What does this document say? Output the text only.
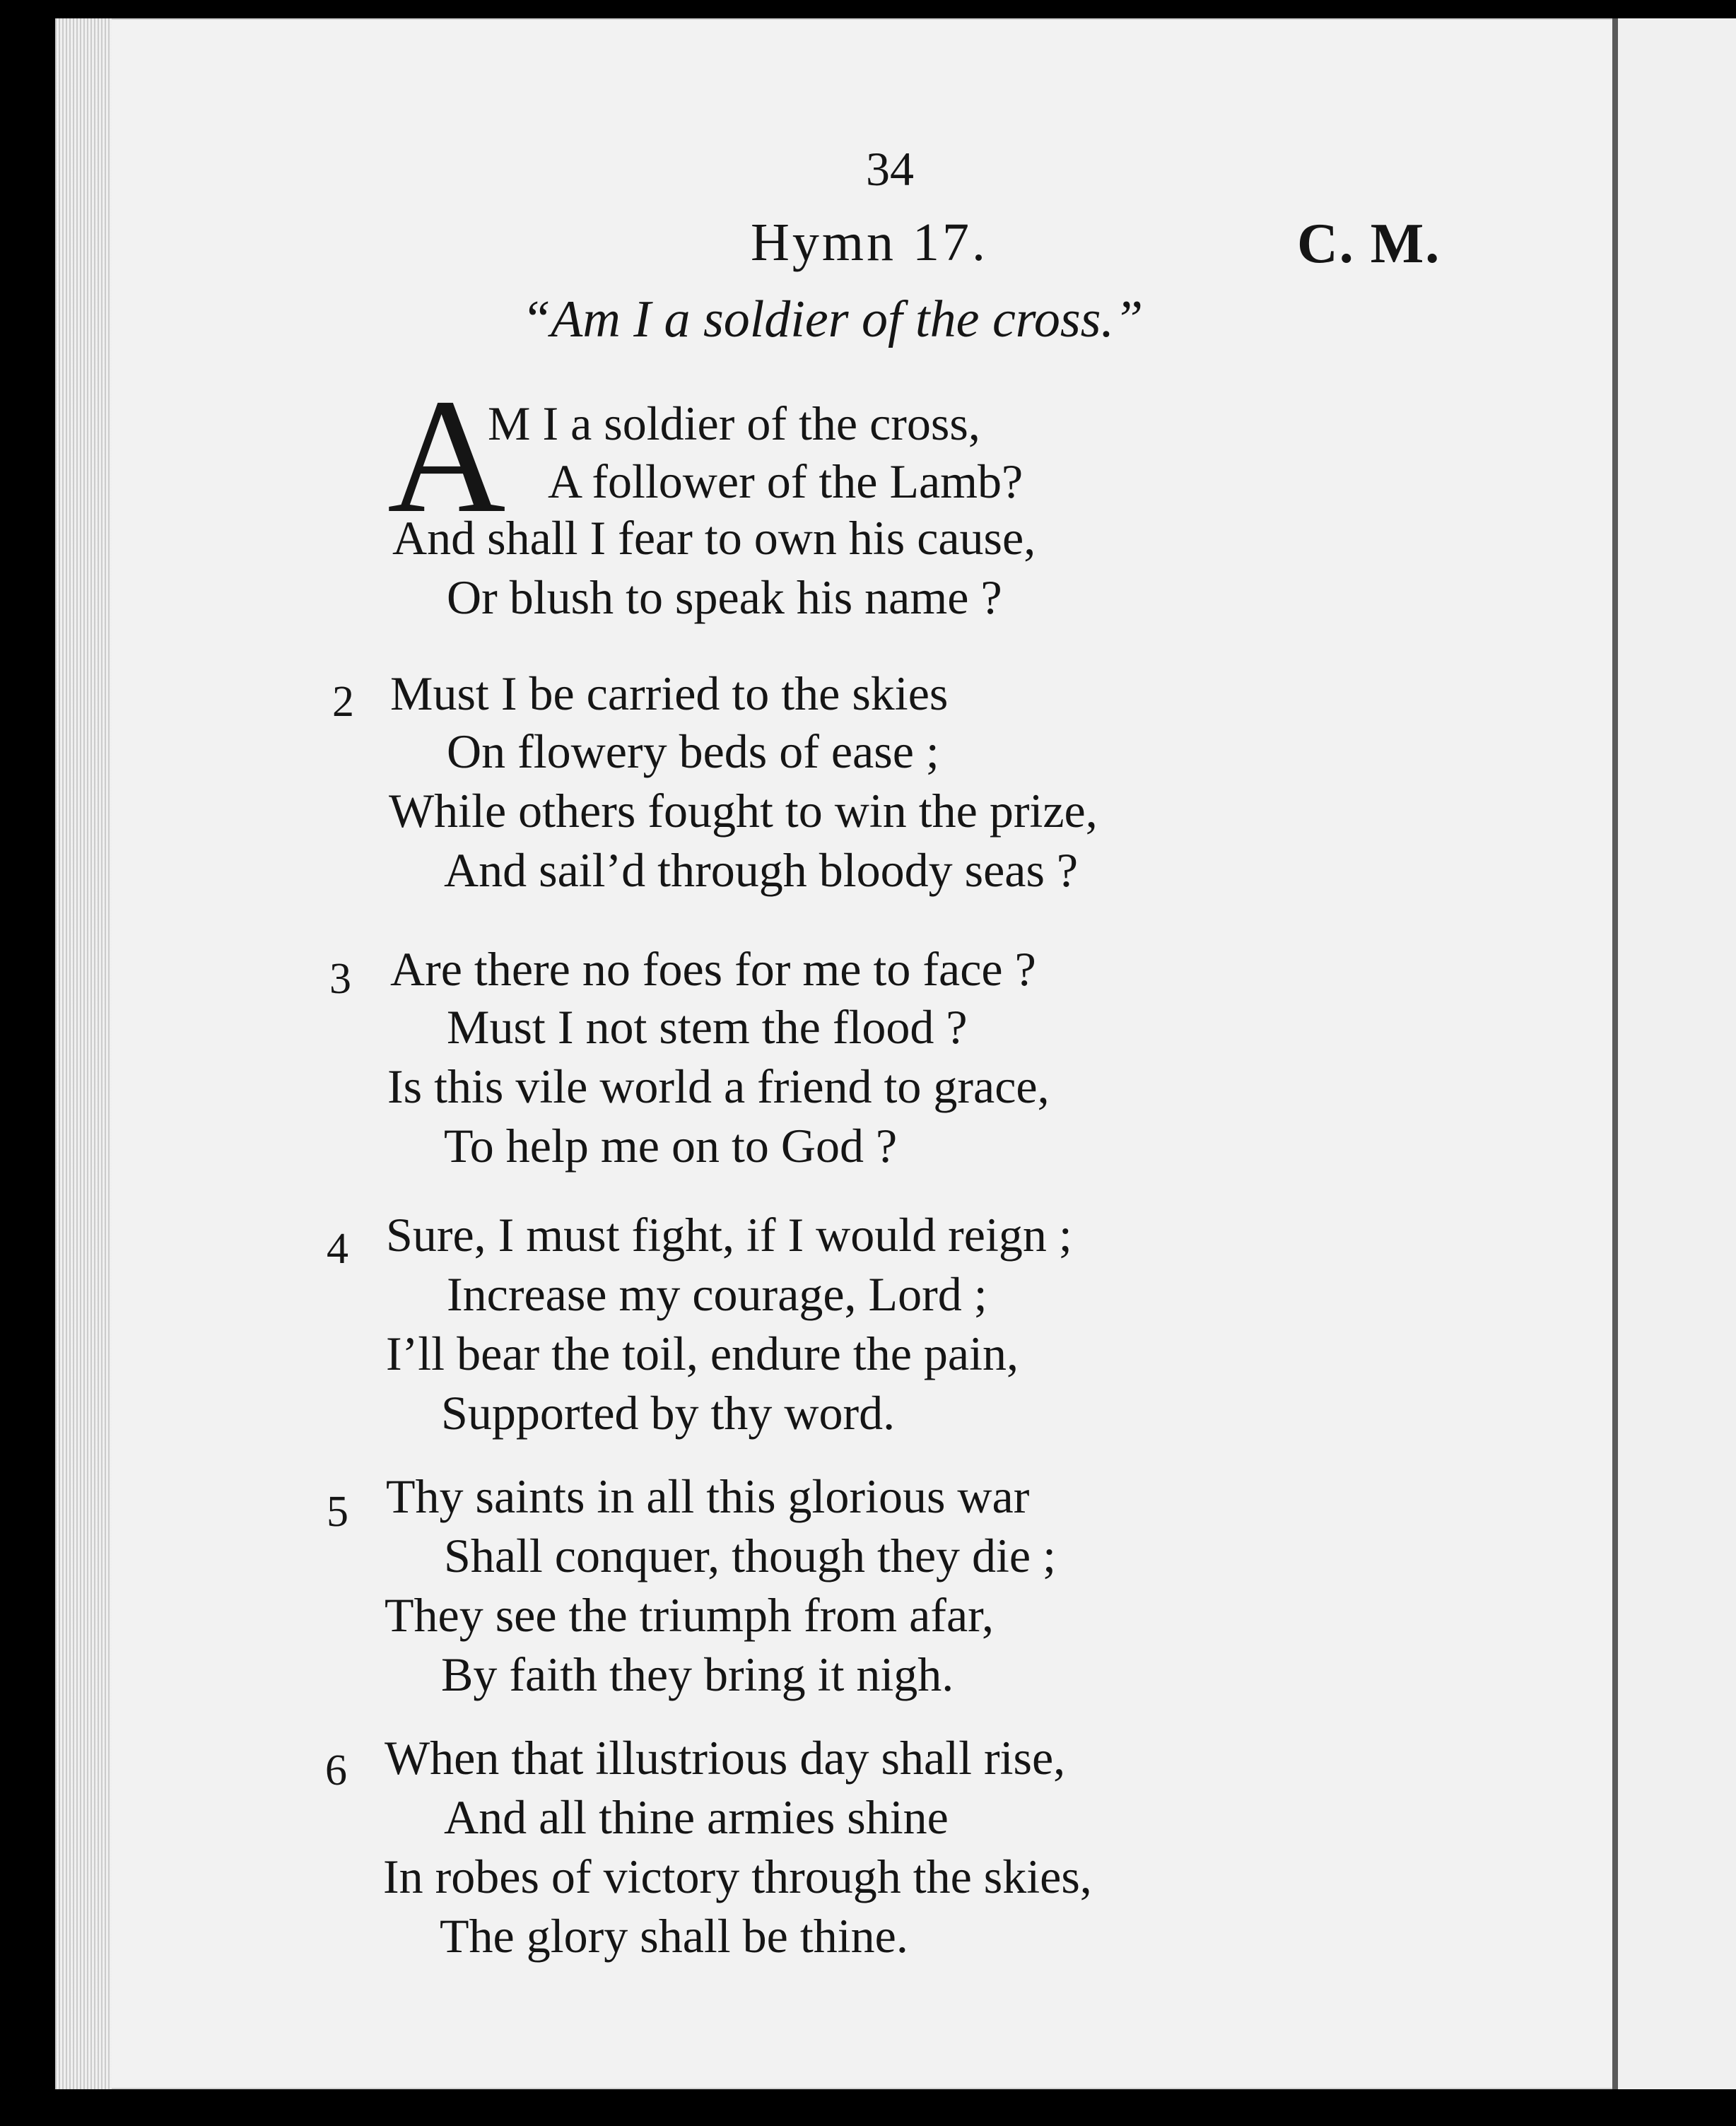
34
Hymn 17.	C. M.
“Am I a soldier of the cross.”
A
M I a soldier of the cross,
A follower of the Lamb?
And shall I fear to own his cause,
Or blush to speak his name ?
2 Must I be carried to the skies
On flowery beds of ease ;
While others fought to win the prize,
And sail’d through bloody seas ?
3 Are there no foes for me to face ?
Must I not stem the flood ?
Is this vile world a friend to grace,
To help me on to God ?
4 Sure, I must fight, if I would reign ;
Increase my courage, Lord ;
I’ll bear the toil, endure the pain,
Supported by thy word.
5 Thy saints in all this glorious war
Shall conquer, though they die ;
They see the triumph from afar,
By faith they bring it nigh.
6 When that illustrious day shall rise,
And all thine armies shine
In robes of victory through the skies,
The glory shall be thine.
